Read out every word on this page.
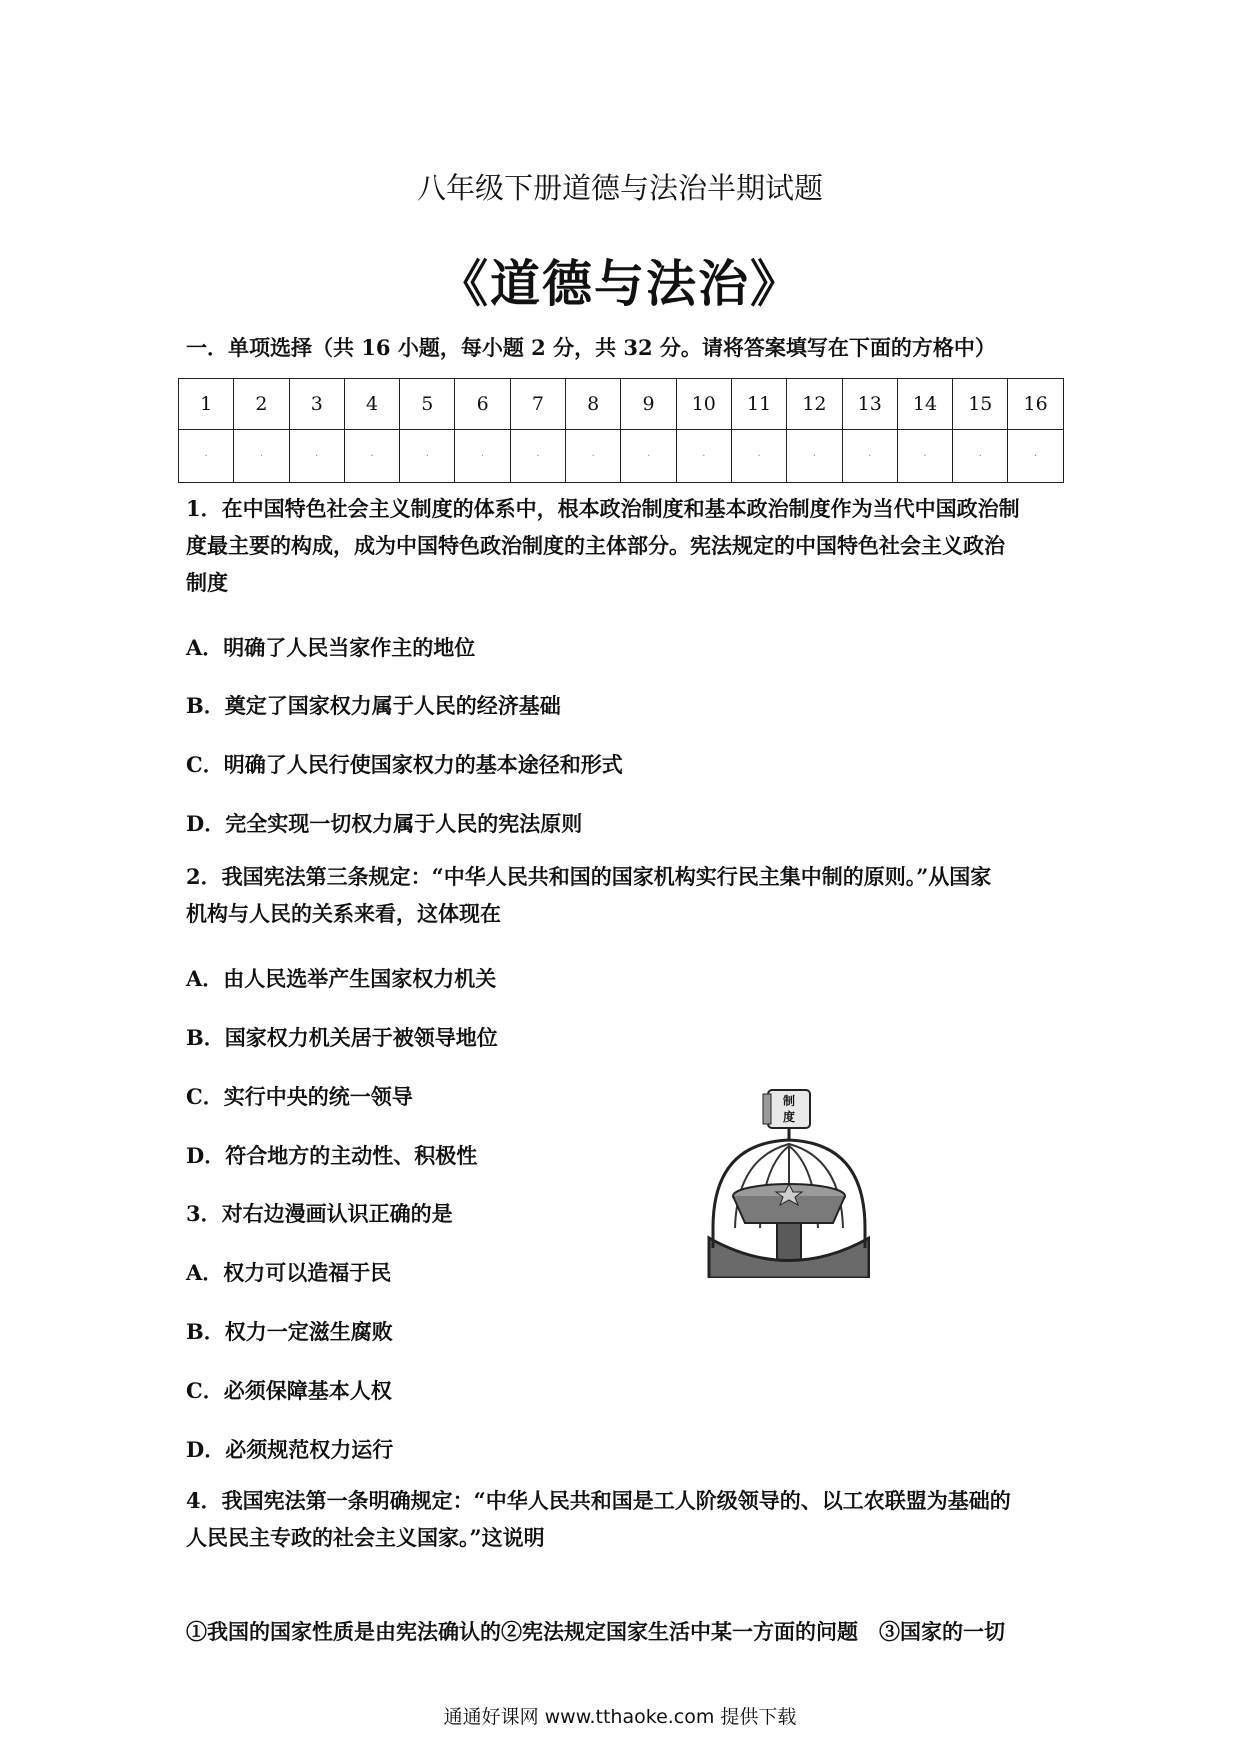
八年级下册道德与法治半期试题
《道德与法治》
一．单项选择（共 16 小题，每小题 2 分，共 32 分。请将答案填写在下面的方格中）
1	2	3	4	5	6	7	8	9	10	11	12	13	14	15	16
·	·	·	·	·	·	·	·	·	·	·	·	·	·	·	·
1．在中国特色社会主义制度的体系中，根本政治制度和基本政治制度作为当代中国政治制
度最主要的构成，成为中国特色政治制度的主体部分。宪法规定的中国特色社会主义政治
制度
A．明确了人民当家作主的地位
B．奠定了国家权力属于人民的经济基础
C．明确了人民行使国家权力的基本途径和形式
D．完全实现一切权力属于人民的宪法原则
2．我国宪法第三条规定：“中华人民共和国的国家机构实行民主集中制的原则。”从国家
机构与人民的关系来看，这体现在
A．由人民选举产生国家权力机关
B．国家权力机关居于被领导地位
C．实行中央的统一领导
D．符合地方的主动性、积极性
3．对右边漫画认识正确的是
A．权力可以造福于民
B．权力一定滋生腐败
C．必须保障基本人权
D．必须规范权力运行
制
度
4．我国宪法第一条明确规定：“中华人民共和国是工人阶级领导的、以工农联盟为基础的
人民民主专政的社会主义国家。”这说明
①我国的国家性质是由宪法确认的②宪法规定国家生活中某一方面的问题　③国家的一切
通通好课网 www.tthaoke.com 提供下载
